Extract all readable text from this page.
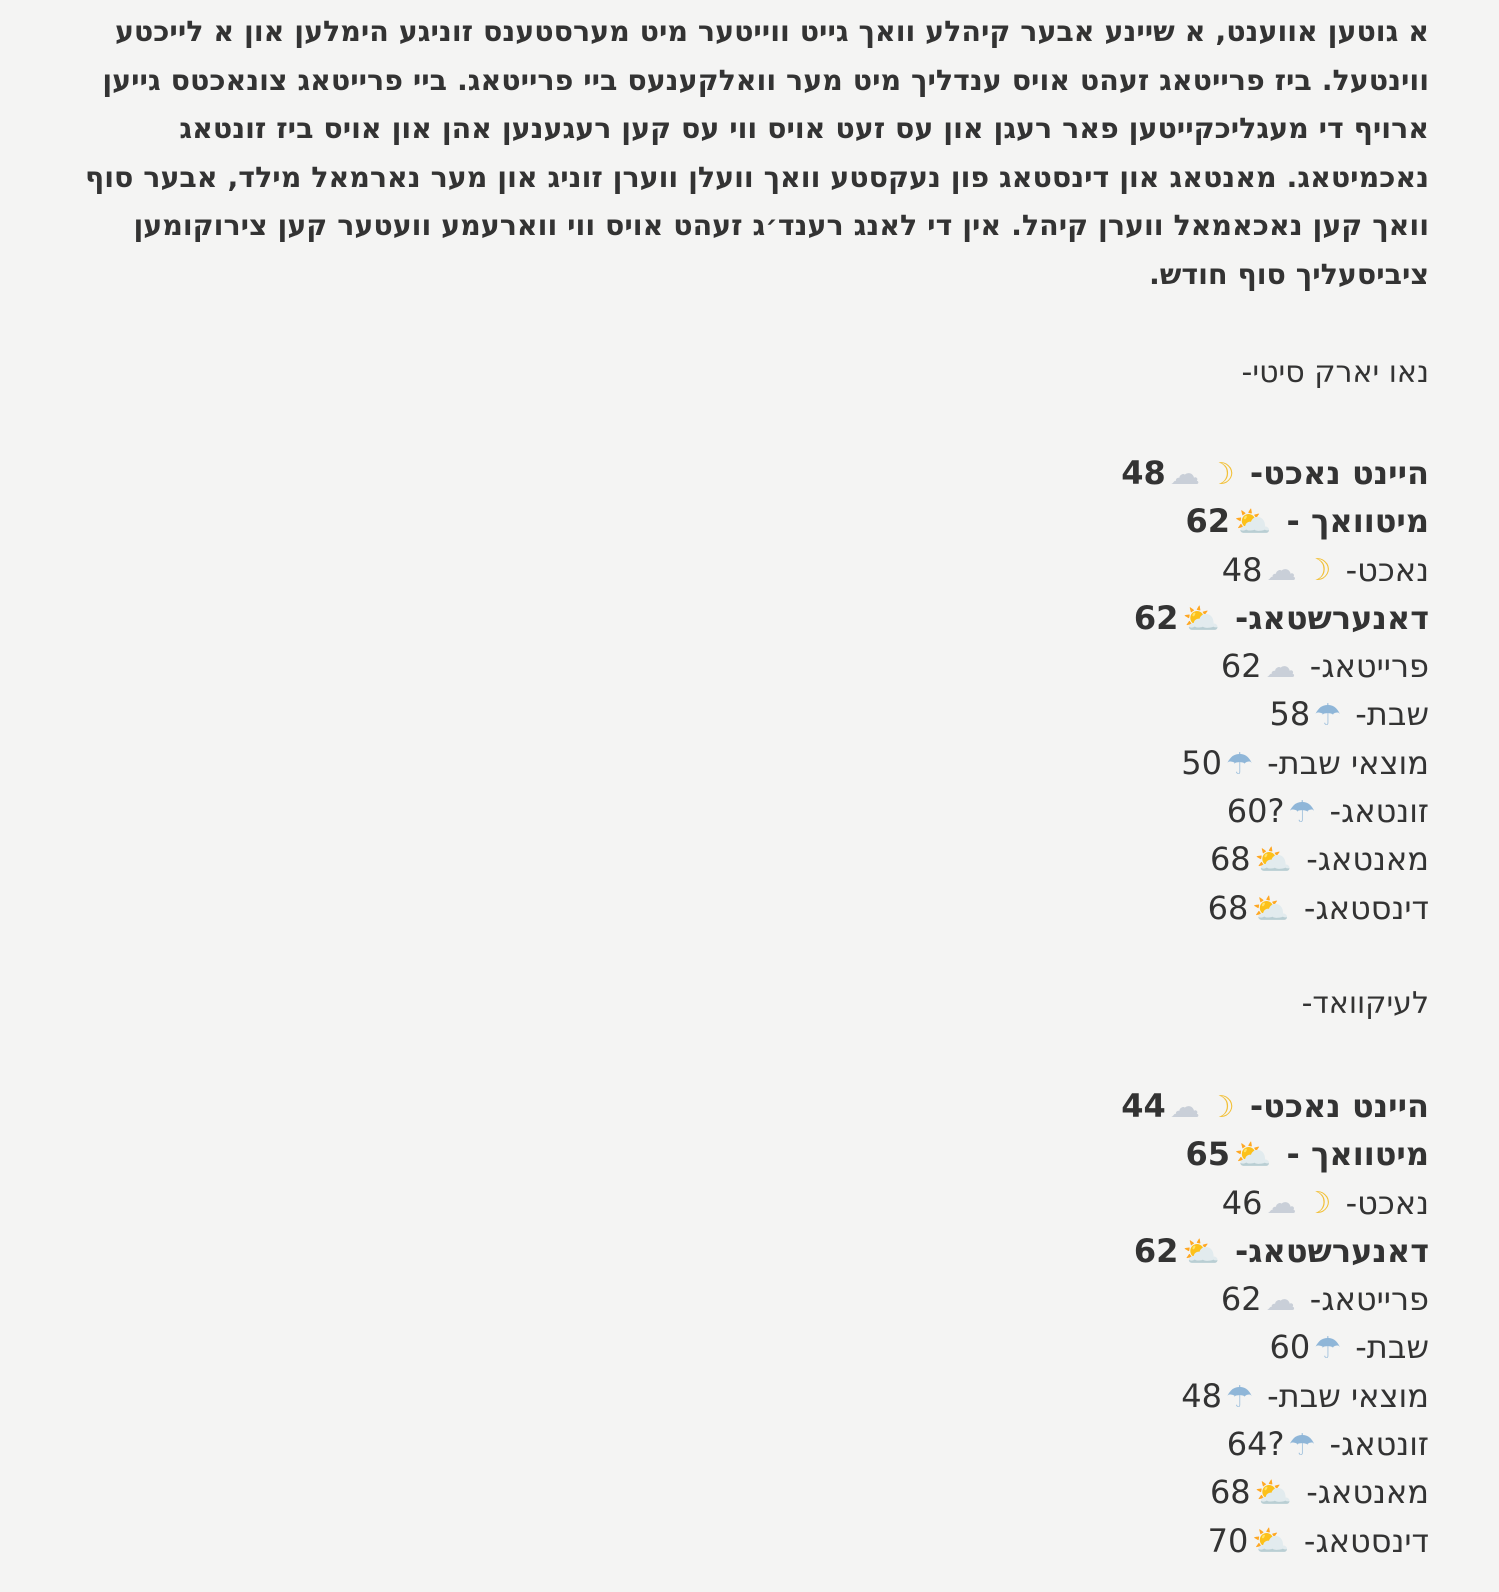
א גוטען אווענט, א שיינע אבער קיהלע וואך גייט ווייטער מיט מערסטענס זוניגע הימלען און א לייכטע ווינטעל. ביז פרייטאג זעהט אויס ענדליך מיט מער וואלקענעס ביי פרייטאג. ביי פרייטאג צונאכטס גייען ארויף די מעגליכקייטען פאר רעגן און עס זעט אויס ווי עס קען רעגענען אהן און אויס ביז זונטאג נאכמיטאג. מאנטאג און דינסטאג פון נעקסטע וואך וועלן ווערן זוניג און מער נארמאל מילד, אבער סוף וואך קען נאכאמאל ווערן קיהל. אין די לאנג רענד׳ג זעהט אויס ווי ווארעמע וועטער קען צירוקומען ציביסעליך סוף חודש.

נאו יארק סיטי-
היינט נאכט- ☽☁48
מיטוואך - ⛅62
נאכט- ☽☁48
דאנערשטאג- ⛅62
פרייטאג- ☁62
שבת- ☂58
מוצאי שבת- ☂50
זונטאג- ☂60?
מאנטאג- ⛅68
דינסטאג- ⛅68
לעיקוואד-
היינט נאכט- ☽☁44
מיטוואך - ⛅65
נאכט- ☽☁46
דאנערשטאג- ⛅62
פרייטאג- ☁62
שבת- ☂60
מוצאי שבת- ☂48
זונטאג- ☂64?
מאנטאג- ⛅68
דינסטאג- ⛅70
